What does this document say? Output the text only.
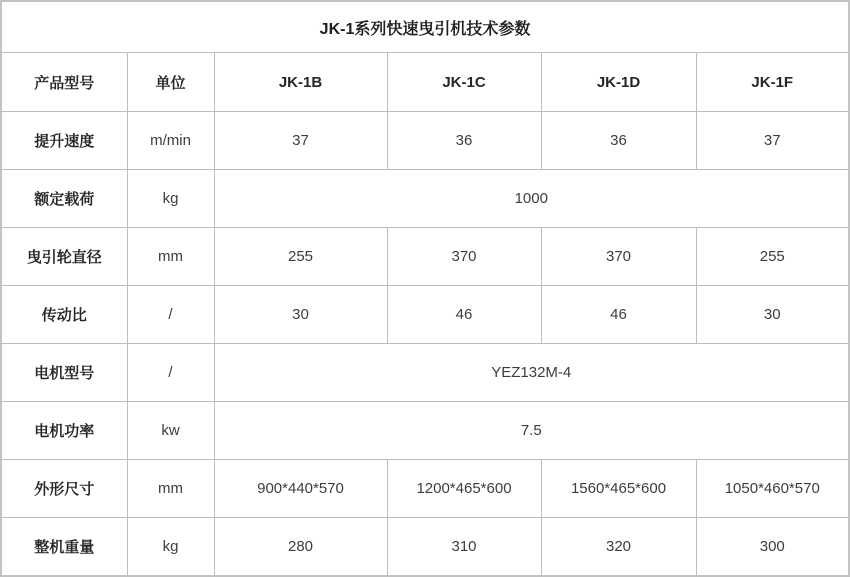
JK-1系列快速曳引机技术参数					
产品型号	单位	JK-1B	JK-1C	JK-1D	JK-1F
提升速度	m/min	37	36	36	37
额定载荷	kg	1000			
曳引轮直径	mm	255	370	370	255
传动比	/	30	46	46	30
电机型号	/	YEZ132M-4			
电机功率	kw	7.5			
外形尺寸	mm	900*440*570	1200*465*600	1560*465*600	1050*460*570
整机重量	kg	280	310	320	300
